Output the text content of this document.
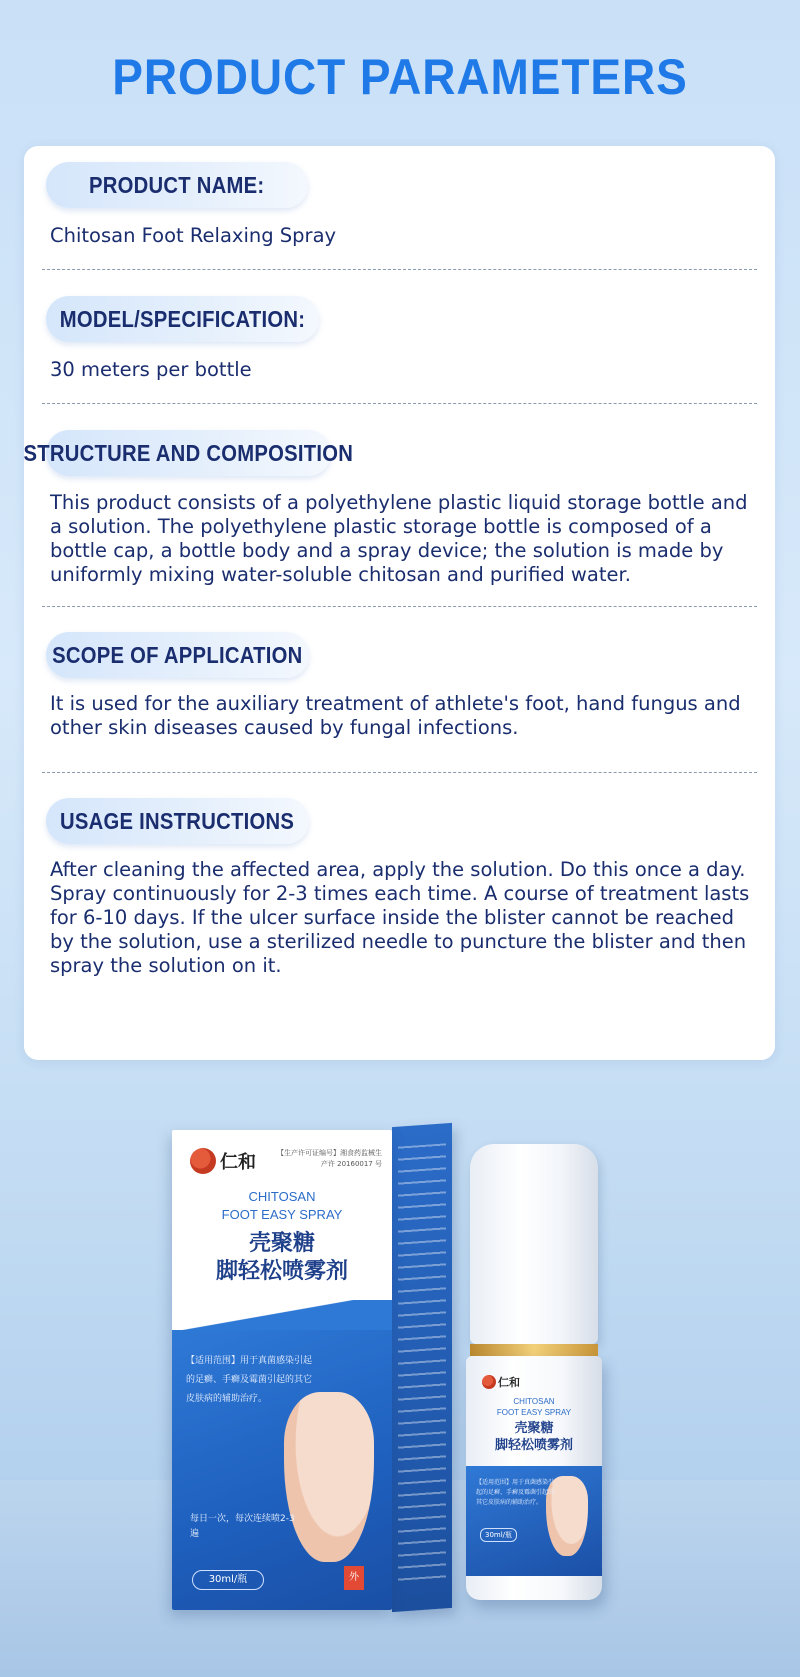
PRODUCT PARAMETERS
PRODUCT NAME:
Chitosan Foot Relaxing Spray
MODEL/SPECIFICATION:
30 meters per bottle
STRUCTURE AND COMPOSITION
This product consists of a polyethylene plastic liquid storage bottle and a solution. The polyethylene plastic storage bottle is composed of a bottle cap, a bottle body and a spray device; the solution is made by uniformly mixing water-soluble chitosan and purified water.
SCOPE OF APPLICATION
It is used for the auxiliary treatment of athlete's foot, hand fungus and other skin diseases caused by fungal infections.
USAGE INSTRUCTIONS
After cleaning the affected area, apply the solution. Do this once a day. Spray continuously for 2-3 times each time. A course of treatment lasts for 6-10 days. If the ulcer surface inside the blister cannot be reached by the solution, use a sterilized needle to puncture the blister and then spray the solution on it.
仁和	【生产许可证编号】湘食药监械生产许 20160017 号
CHITOSAN
FOOT EASY SPRAY
壳聚糖
脚轻松喷雾剂
【适用范围】用于真菌感染引起的足癣、手癣及霉菌引起的其它皮肤病的辅助治疗。
每日一次，每次连续喷2-3遍
30ml/瓶	外
仁和
CHITOSAN
FOOT EASY SPRAY
壳聚糖
脚轻松喷雾剂
【适用范围】用于真菌感染引起的足癣、手癣及霉菌引起的其它皮肤病的辅助治疗。
30ml/瓶
